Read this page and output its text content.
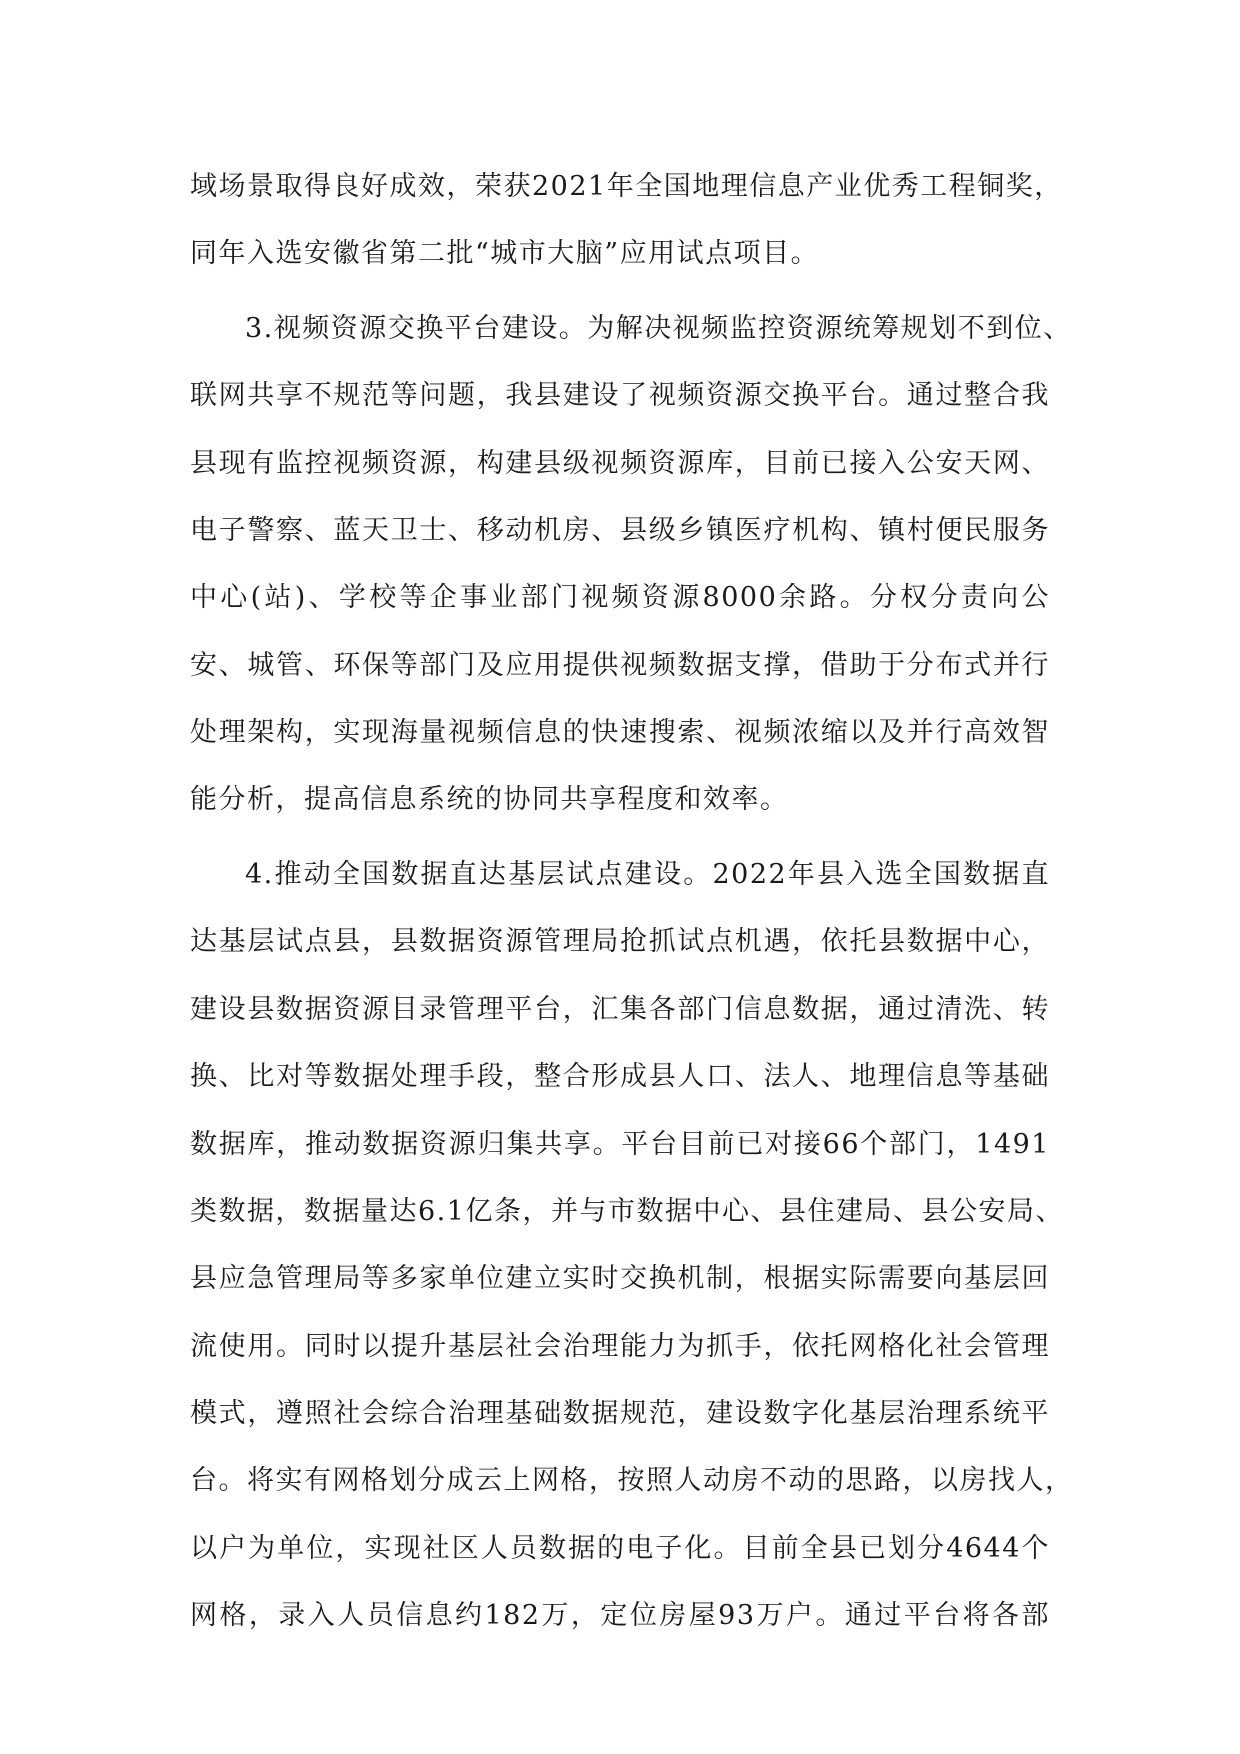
域场景取得良好成效，荣获2021年全国地理信息产业优秀工程铜奖，
同年入选安徽省第二批“城市大脑”应用试点项目。
3.视频资源交换平台建设。为解决视频监控资源统筹规划不到位、
联网共享不规范等问题，我县建设了视频资源交换平台。通过整合我
县现有监控视频资源，构建县级视频资源库，目前已接入公安天网、
电子警察、蓝天卫士、移动机房、县级乡镇医疗机构、镇村便民服务
中心(站)、学校等企事业部门视频资源8000余路。分权分责向公
安、城管、环保等部门及应用提供视频数据支撑，借助于分布式并行
处理架构，实现海量视频信息的快速搜索、视频浓缩以及并行高效智
能分析，提高信息系统的协同共享程度和效率。
4.推动全国数据直达基层试点建设。2022年县入选全国数据直
达基层试点县，县数据资源管理局抢抓试点机遇，依托县数据中心，
建设县数据资源目录管理平台，汇集各部门信息数据，通过清洗、转
换、比对等数据处理手段，整合形成县人口、法人、地理信息等基础
数据库，推动数据资源归集共享。平台目前已对接66个部门，1491
类数据，数据量达6.1亿条，并与市数据中心、县住建局、县公安局、
县应急管理局等多家单位建立实时交换机制，根据实际需要向基层回
流使用。同时以提升基层社会治理能力为抓手，依托网格化社会管理
模式，遵照社会综合治理基础数据规范，建设数字化基层治理系统平
台。将实有网格划分成云上网格，按照人动房不动的思路，以房找人，
以户为单位，实现社区人员数据的电子化。目前全县已划分4644个
网格，录入人员信息约182万，定位房屋93万户。通过平台将各部
